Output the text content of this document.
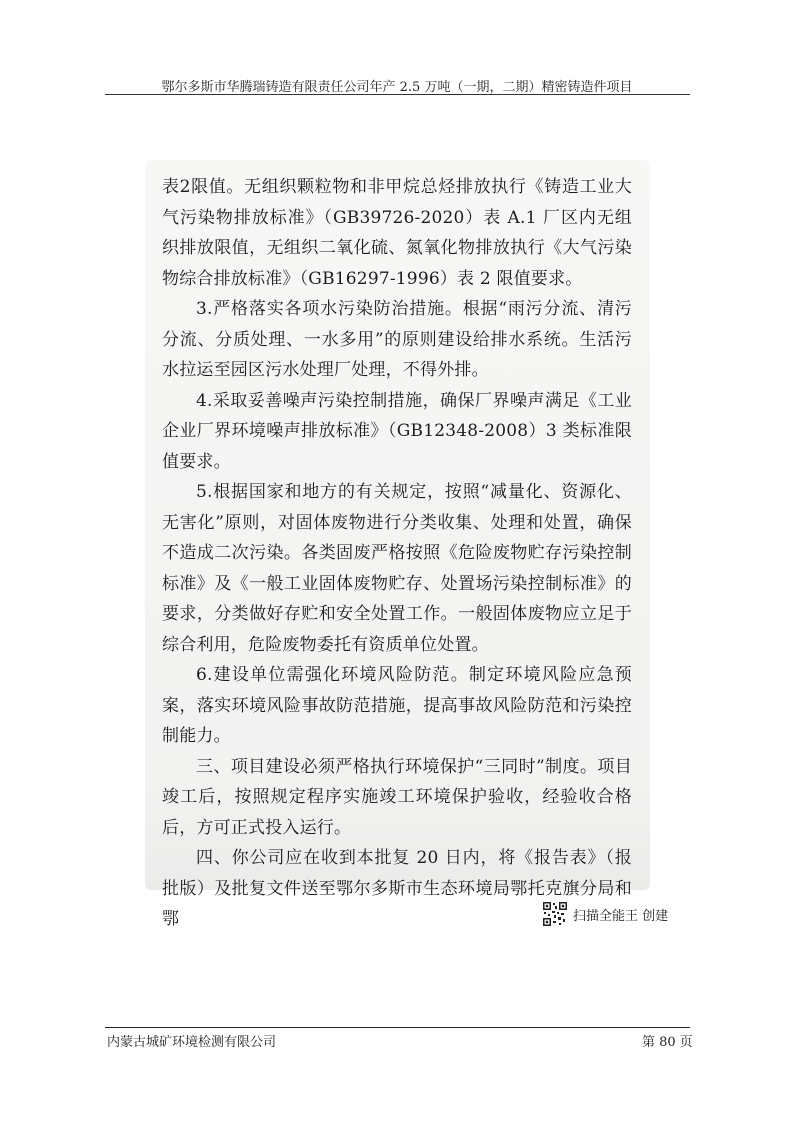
鄂尔多斯市华腾瑞铸造有限责任公司年产 2.5 万吨（一期，二期）精密铸造件项目

表2限值。无组织颗粒物和非甲烷总烃排放执行《铸造工业大气污染物排放标准》（GB39726-2020）表 A.1 厂区内无组织排放限值，无组织二氧化硫、氮氧化物排放执行《大气污染物综合排放标准》（GB16297-1996）表 2 限值要求。

3.严格落实各项水污染防治措施。根据“雨污分流、清污分流、分质处理、一水多用”的原则建设给排水系统。生活污水拉运至园区污水处理厂处理，不得外排。

4.采取妥善噪声污染控制措施，确保厂界噪声满足《工业企业厂界环境噪声排放标准》（GB12348-2008）3 类标准限值要求。

5.根据国家和地方的有关规定，按照“减量化、资源化、无害化”原则，对固体废物进行分类收集、处理和处置，确保不造成二次污染。各类固废严格按照《危险废物贮存污染控制标准》及《一般工业固体废物贮存、处置场污染控制标准》的要求，分类做好存贮和安全处置工作。一般固体废物应立足于综合利用，危险废物委托有资质单位处置。

6.建设单位需强化环境风险防范。制定环境风险应急预案，落实环境风险事故防范措施，提高事故风险防范和污染控制能力。

三、项目建设必须严格执行环境保护“三同时”制度。项目竣工后，按照规定程序实施竣工环境保护验收，经验收合格后，方可正式投入运行。

四、你公司应在收到本批复 20 日内，将《报告表》（报批版）及批复文件送至鄂尔多斯市生态环境局鄂托克旗分局和鄂	扫描全能王 创建
内蒙古城矿环境检测有限公司	第 80 页
